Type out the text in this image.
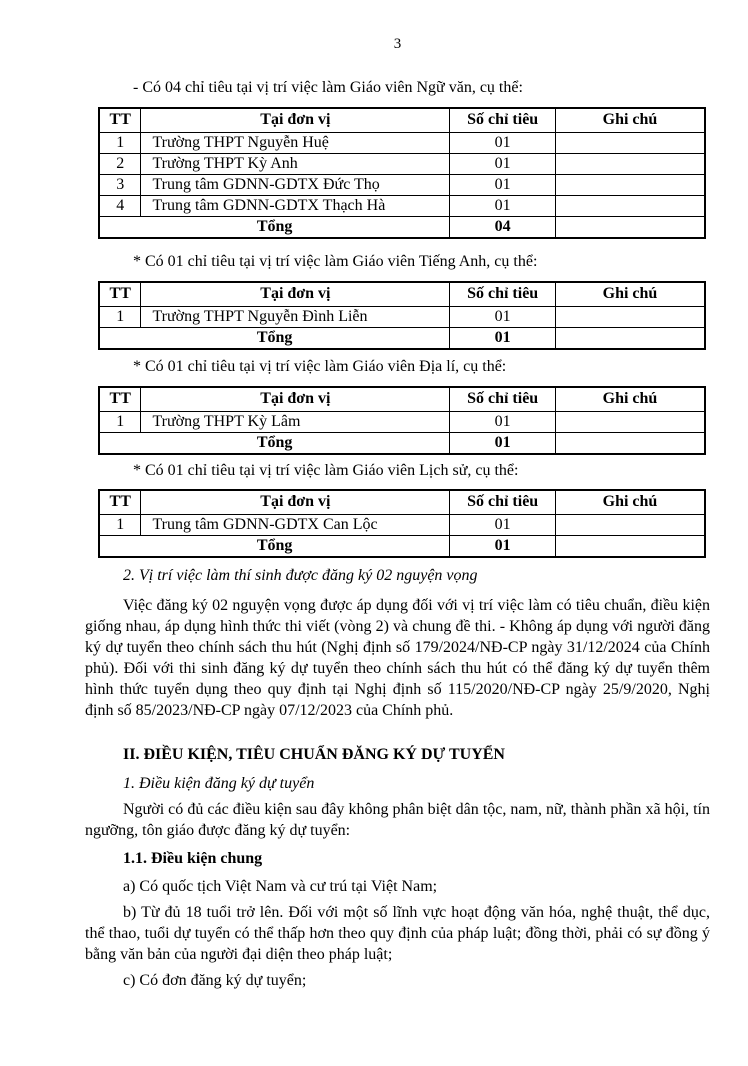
3
- Có 04 chỉ tiêu tại vị trí việc làm Giáo viên Ngữ văn, cụ thể:
TT	Tại đơn vị	Số chỉ tiêu	Ghi chú
1	Trường THPT Nguyễn Huệ	01	
2	Trường THPT Kỳ Anh	01	
3	Trung tâm GDNN-GDTX Đức Thọ	01	
4	Trung tâm GDNN-GDTX Thạch Hà	01	
Tổng		04	
* Có 01 chỉ tiêu tại vị trí việc làm Giáo viên Tiếng Anh, cụ thể:
TT	Tại đơn vị	Số chỉ tiêu	Ghi chú
1	Trường THPT Nguyễn Đình Liễn	01	
Tổng		01	
* Có 01 chỉ tiêu tại vị trí việc làm Giáo viên Địa lí, cụ thể:
TT	Tại đơn vị	Số chỉ tiêu	Ghi chú
1	Trường THPT Kỳ Lâm	01	
Tổng		01	
* Có 01 chỉ tiêu tại vị trí việc làm Giáo viên Lịch sử, cụ thể:
TT	Tại đơn vị	Số chỉ tiêu	Ghi chú
1	Trung tâm GDNN-GDTX Can Lộc	01	
Tổng		01	
2. Vị trí việc làm thí sinh được đăng ký 02 nguyện vọng
Việc đăng ký 02 nguyện vọng được áp dụng đối với vị trí việc làm có tiêu chuẩn, điều kiện giống nhau, áp dụng hình thức thi viết (vòng 2) và chung đề thi. - Không áp dụng với người đăng ký dự tuyển theo chính sách thu hút (Nghị định số 179/2024/NĐ-CP ngày 31/12/2024 của Chính phủ). Đối với thi sinh đăng ký dự tuyển theo chính sách thu hút có thể đăng ký dự tuyển thêm hình thức tuyển dụng theo quy định tại Nghị định số 115/2020/NĐ-CP ngày 25/9/2020, Nghị định số 85/2023/NĐ-CP ngày 07/12/2023 của Chính phủ.
II. ĐIỀU KIỆN, TIÊU CHUẨN ĐĂNG KÝ DỰ TUYỂN
1. Điều kiện đăng ký dự tuyển
Người có đủ các điều kiện sau đây không phân biệt dân tộc, nam, nữ, thành phần xã hội, tín ngưỡng, tôn giáo được đăng ký dự tuyển:
1.1. Điều kiện chung
a) Có quốc tịch Việt Nam và cư trú tại Việt Nam;
b) Từ đủ 18 tuổi trở lên. Đối với một số lĩnh vực hoạt động văn hóa, nghệ thuật, thể dục, thể thao, tuổi dự tuyển có thể thấp hơn theo quy định của pháp luật; đồng thời, phải có sự đồng ý bằng văn bản của người đại diện theo pháp luật;
c) Có đơn đăng ký dự tuyển;
